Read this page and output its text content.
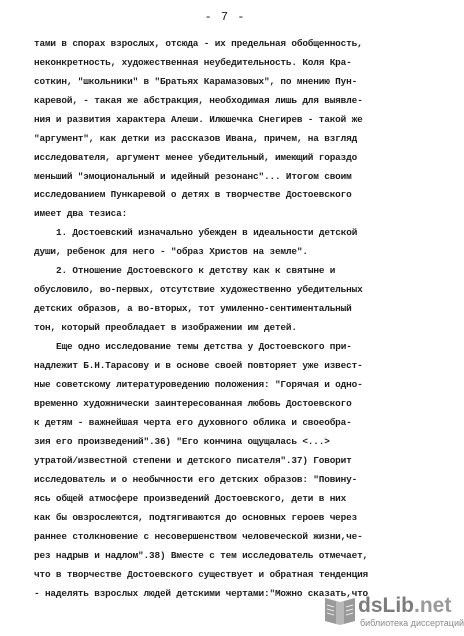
- 7 -
тами в спорах взрослых, отсюда - их предельная обобщенность,
неконкретность, художественная неубедительность. Коля Кра-
соткин, "школьники" в "Братьях Карамазовых", по мнению Пун-
каревой, - такая же абстракция, необходимая лишь для выявле-
ния и развития характера Алеши. Илюшечка Снегирев - такой же
"аргумент", как детки из рассказов Ивана, причем, на взгляд
исследователя, аргумент менее убедительный, имеющий гораздо
меньший "эмоциональный и идейный резонанс"... Итогом своим
исследованием Пункаревой о детях в творчестве Достоевского
имеет два тезиса:
1. Достоевский изначально убежден в идеальности детской
души, ребенок для него - "образ Христов на земле".
2. Отношение Достоевского к детству как к святыне и
обусловило, во-первых, отсутствие художественно убедительных
детских образов, а во-вторых, тот умиленно-сентиментальный
тон, который преобладает в изображении им детей.
Еще одно исследование темы детства у Достоевского при-
надлежит Б.Н.Тарасову и в основе своей повторяет уже извест-
ные советскому литературоведению положения: "Горячая и одно-
временно художнически заинтересованная любовь Достоевского
к детям - важнейшая черта его духовного облика и своеобра-
зия его произведений".36) "Его кончина ощущалась <...>
утратой/известной степени и детского писателя".37) Говорит
исследователь и о необычности его детских образов: "Повину-
ясь общей атмосфере произведений Достоевского, дети в них
как бы овзрослеются, подтягиваются до основных героев через
раннее столкновение с несовершенством человеческой жизни,че-
рез надрыв и надлом".38) Вместе с тем исследователь отмечает,
что в творчестве Достоевского существует и обратная тенденция
- наделять взрослых людей детскими чертами:"Можно сказать,что
dsLib.net
библиотека диссертаций
